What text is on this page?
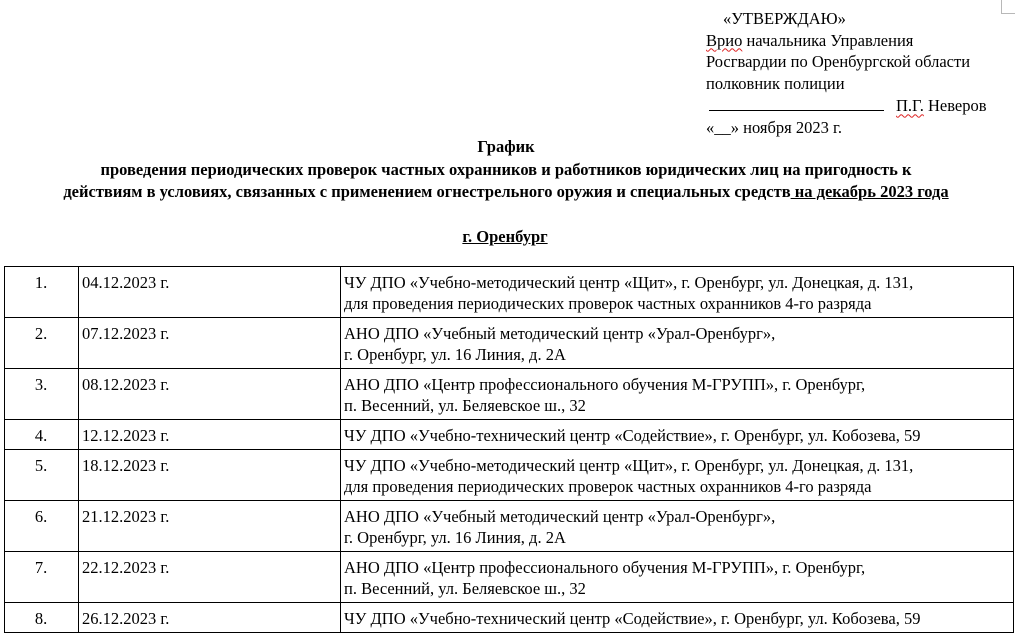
«УТВЕРЖДАЮ»
Врио начальника Управления
Росгвардии по Оренбургской области
полковник полиции
П.Г. Неверов
«__» ноября 2023 г.
График
проведения периодических проверок частных охранников и работников юридических лиц на пригодность к
действиям в условиях, связанных с применением огнестрельного оружия и специальных средств на декабрь 2023 года
г. Оренбург
1.	04.12.2023 г.	ЧУ ДПО «Учебно-методический центр «Щит», г. Оренбург, ул. Донецкая, д. 131,
для проведения периодических проверок частных охранников 4-го разряда

2.	07.12.2023 г.	АНО ДПО «Учебный методический центр «Урал-Оренбург»,
г. Оренбург, ул. 16 Линия, д. 2А

3.	08.12.2023 г.	АНО ДПО «Центр профессионального обучения М-ГРУПП», г. Оренбург,
п. Весенний, ул. Беляевское ш., 32

4.	12.12.2023 г.	ЧУ ДПО «Учебно-технический центр «Содействие», г. Оренбург, ул. Кобозева, 59

5.	18.12.2023 г.	ЧУ ДПО «Учебно-методический центр «Щит», г. Оренбург, ул. Донецкая, д. 131,
для проведения периодических проверок частных охранников 4-го разряда

6.	21.12.2023 г.	АНО ДПО «Учебный методический центр «Урал-Оренбург»,
г. Оренбург, ул. 16 Линия, д. 2А

7.	22.12.2023 г.	АНО ДПО «Центр профессионального обучения М-ГРУПП», г. Оренбург,
п. Весенний, ул. Беляевское ш., 32

8.	26.12.2023 г.	ЧУ ДПО «Учебно-технический центр «Содействие», г. Оренбург, ул. Кобозева, 59
